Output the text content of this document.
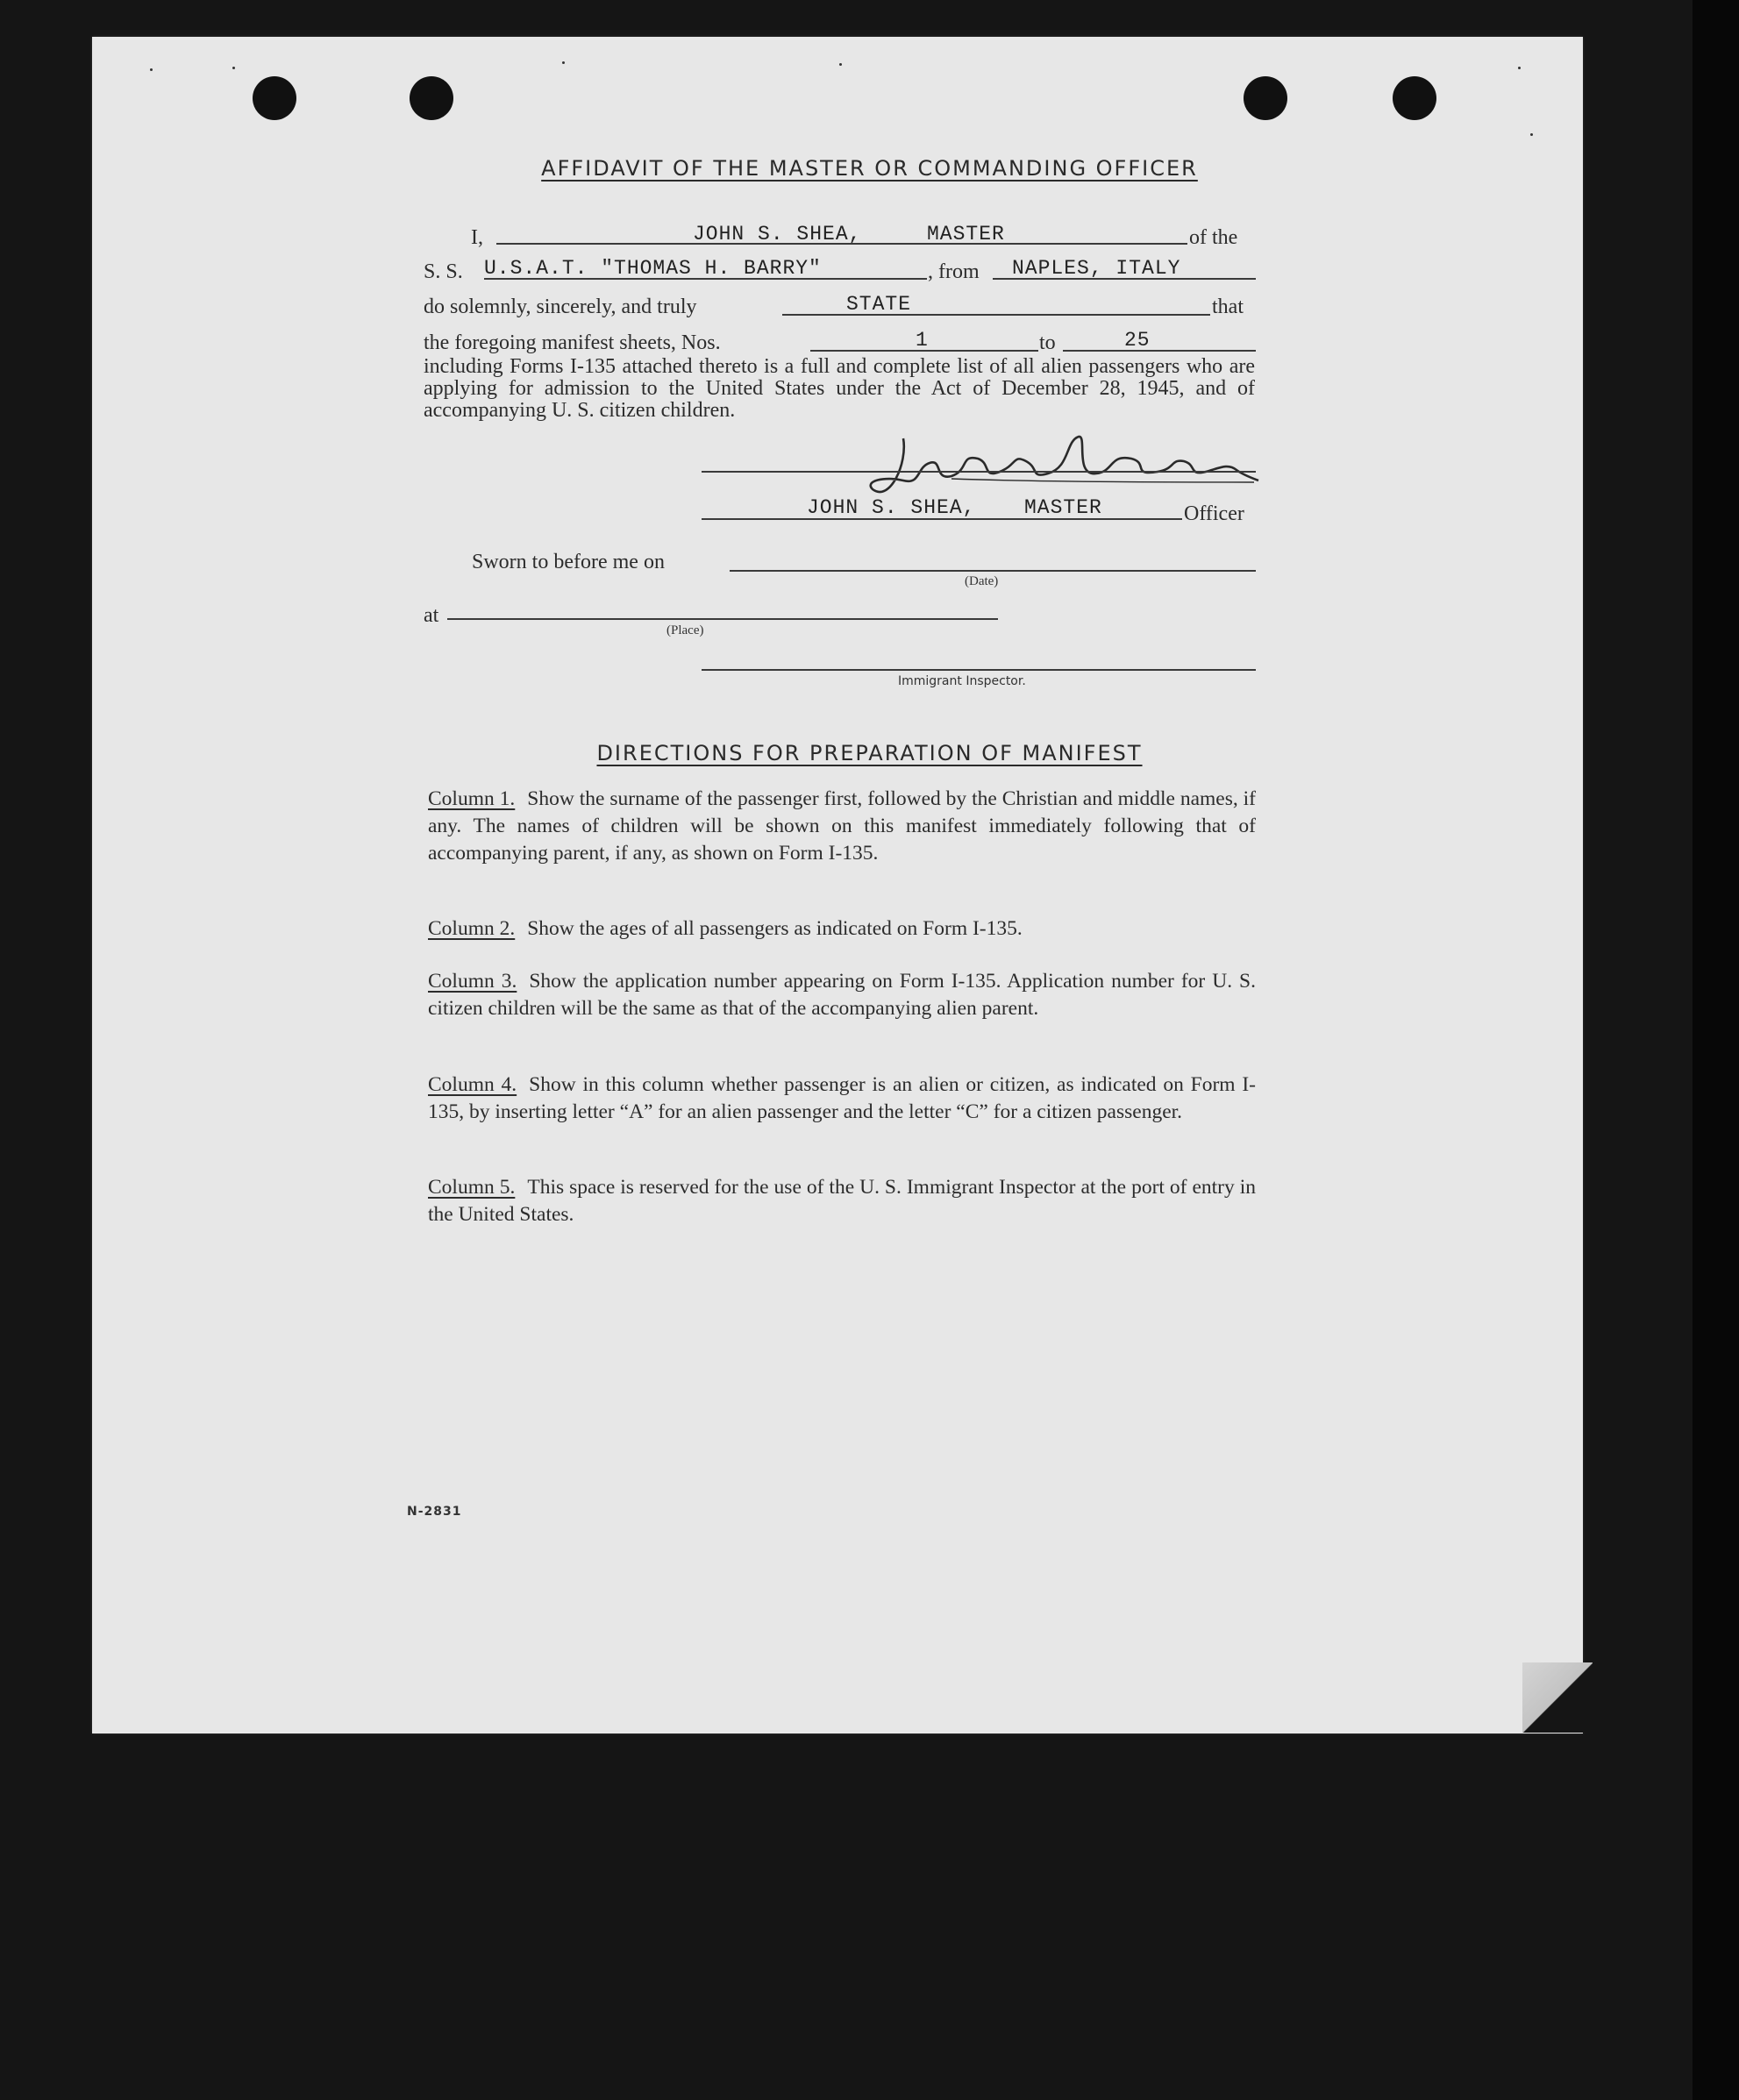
AFFIDAVIT OF THE MASTER OR COMMANDING OFFICER
I,	JOHN S. SHEA,	MASTER	of the
S. S. U.S.A.T. "THOMAS H. BARRY"	, from NAPLES, ITALY
do solemnly, sincerely, and truly	STATE	that
the foregoing manifest sheets, Nos.	1	to	25
including Forms I-135 attached thereto is a full and complete list of all alien passengers who are applying for admission to the United States under the Act of December 28, 1945, and of accompanying U. S. citizen children.
JOHN S. SHEA, MASTER	Officer
Sworn to before me on
(Date)
at
(Place)
Immigrant Inspector.
DIRECTIONS FOR PREPARATION OF MANIFEST
Column 1. Show the surname of the passenger first, followed by the Christian and middle names, if any. The names of children will be shown on this manifest immediately following that of accompanying parent, if any, as shown on Form I-135.
Column 2. Show the ages of all passengers as indicated on Form I-135.
Column 3. Show the application number appearing on Form I-135. Application number for U. S. citizen children will be the same as that of the accompanying alien parent.
Column 4. Show in this column whether passenger is an alien or citizen, as indicated on Form I-135, by inserting letter “A” for an alien passenger and the letter “C” for a citizen passenger.
Column 5. This space is reserved for the use of the U. S. Immigrant Inspector at the port of entry in the United States.
N-2831
